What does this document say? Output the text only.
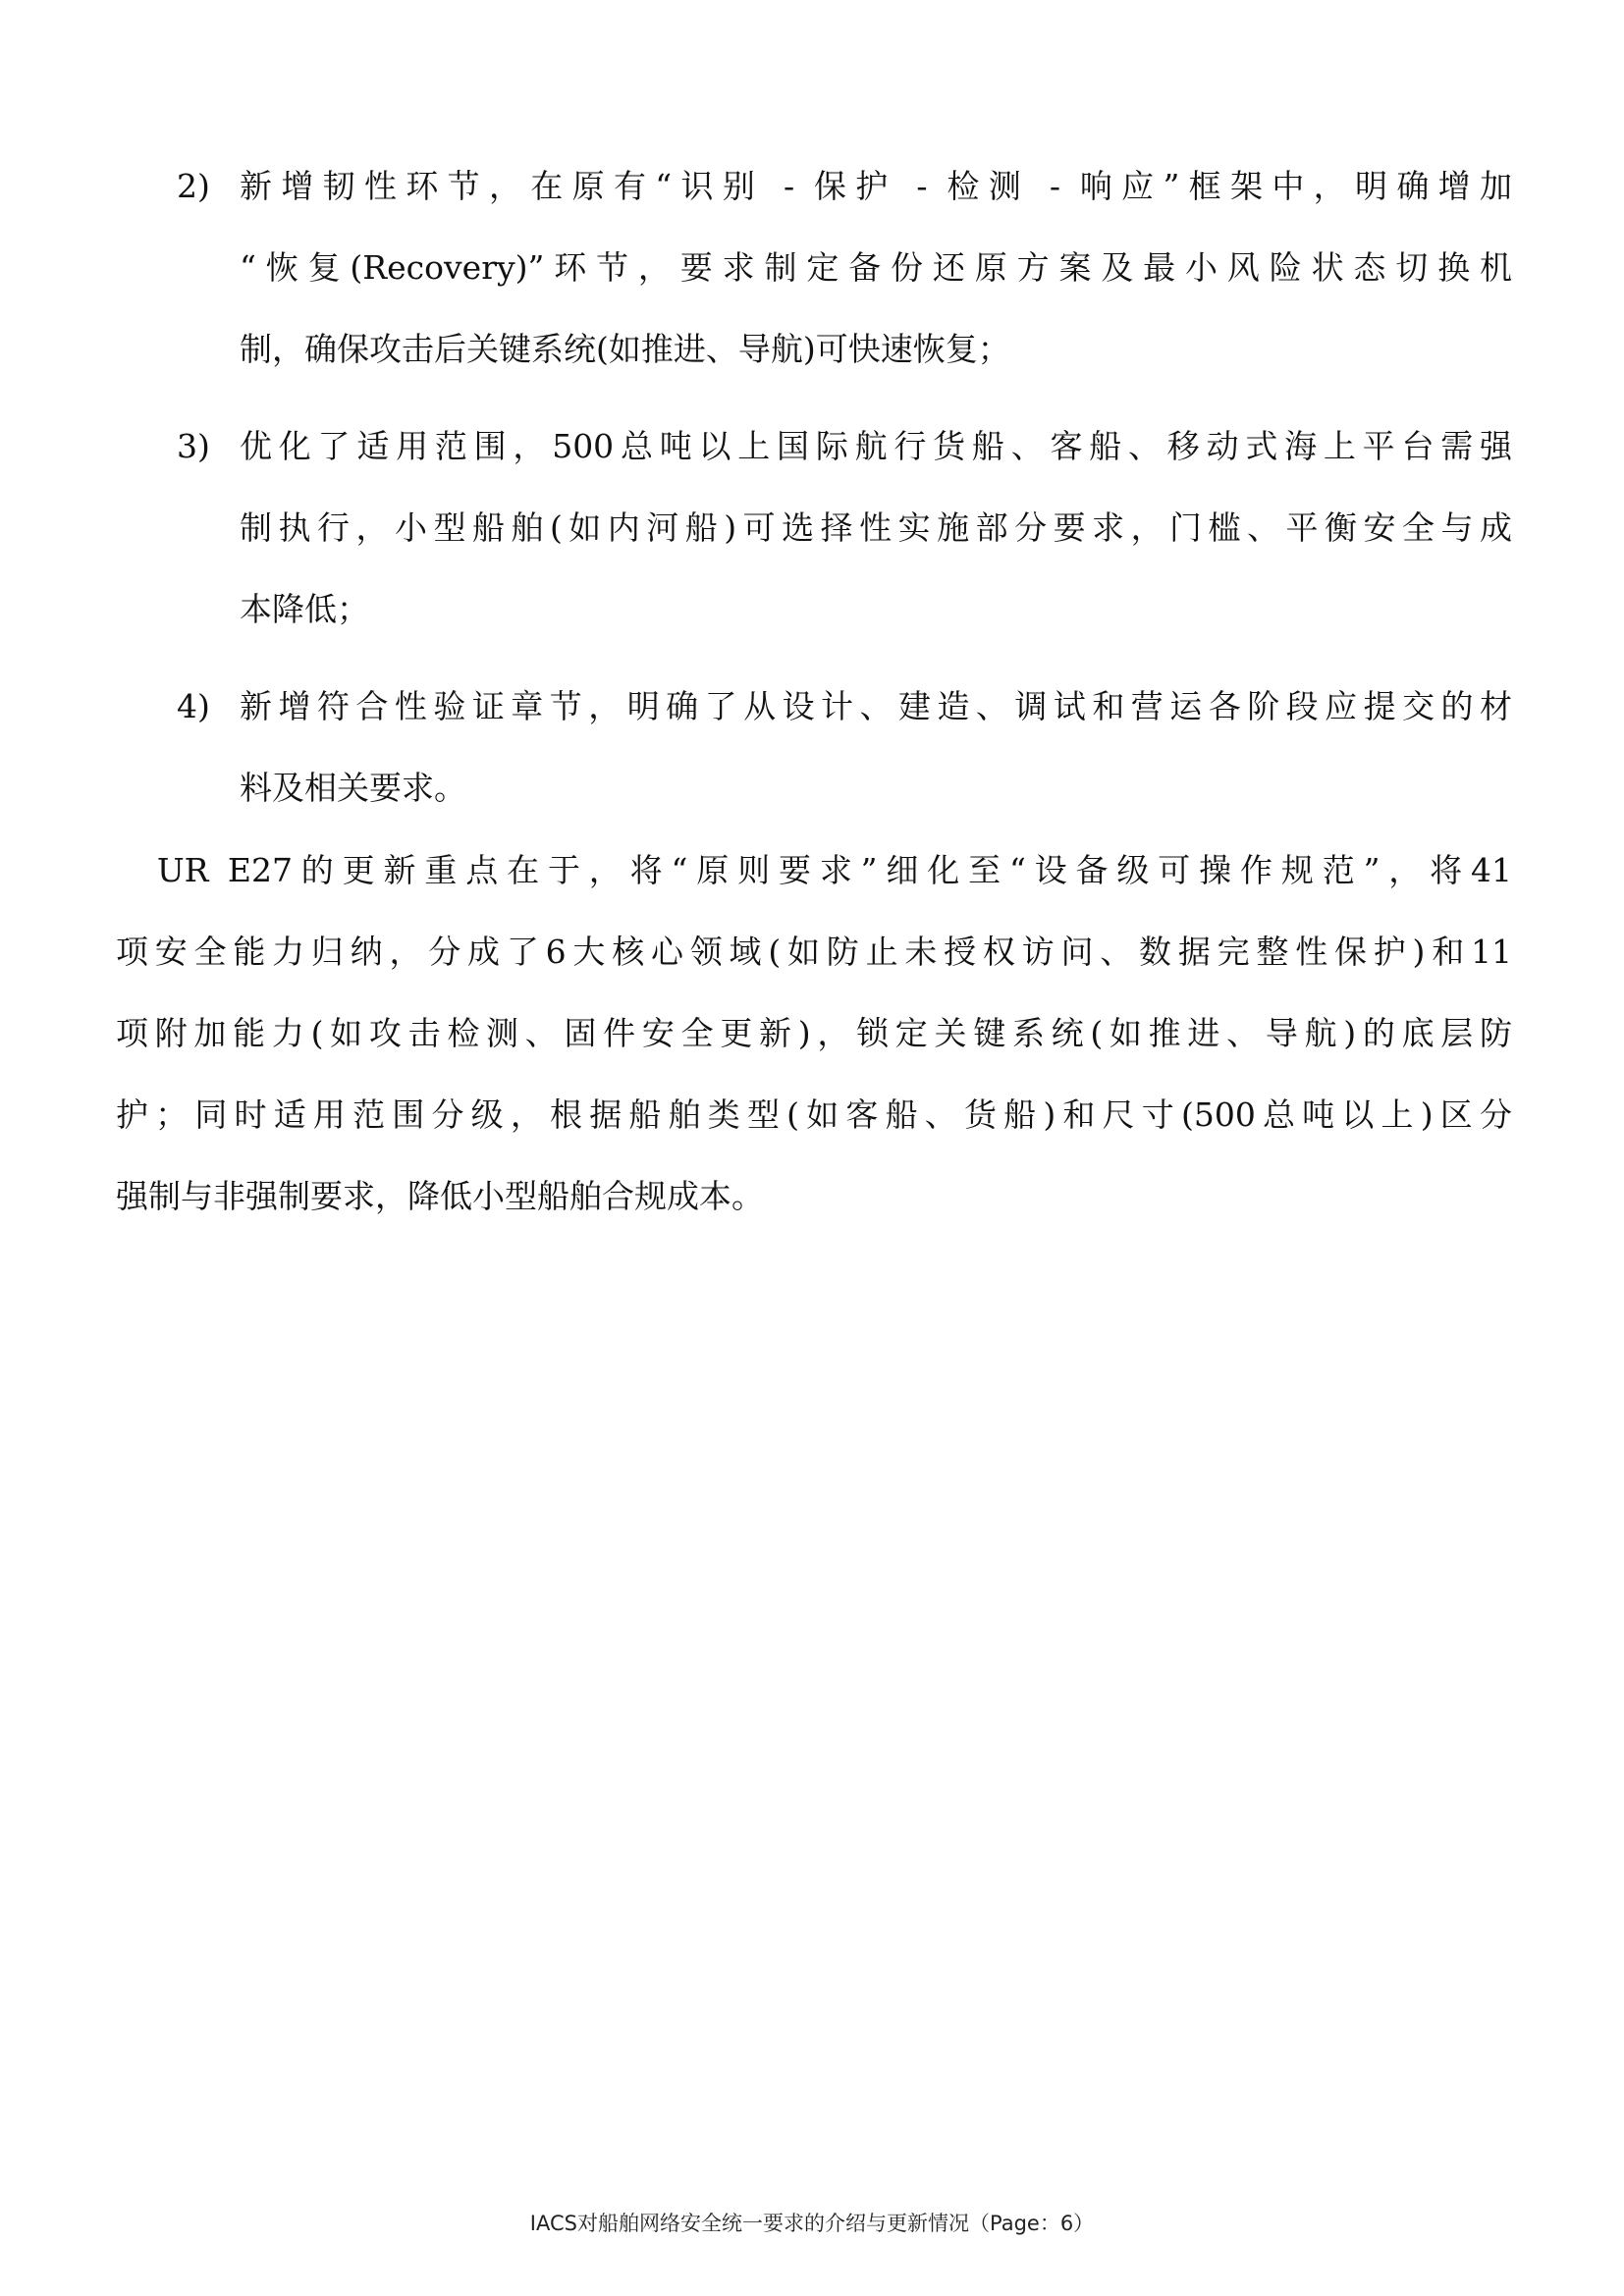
2) 新增韧性环节，在原有“识别 - 保护 - 检测 - 响应”框架中，明确增加
“恢复(Recovery)”环节，要求制定备份还原方案及最小风险状态切换机
制，确保攻击后关键系统(如推进、导航)可快速恢复；
3) 优化了适用范围，500总吨以上国际航行货船、客船、移动式海上平台需强
制执行，小型船舶(如内河船)可选择性实施部分要求，门槛、平衡安全与成
本降低；
4) 新增符合性验证章节，明确了从设计、建造、调试和营运各阶段应提交的材
料及相关要求。
　UR E27的更新重点在于，将“原则要求”细化至“设备级可操作规范”，将41
项安全能力归纳，分成了6大核心领域(如防止未授权访问、数据完整性保护)和11
项附加能力(如攻击检测、固件安全更新)，锁定关键系统(如推进、导航)的底层防
护；同时适用范围分级，根据船舶类型(如客船、货船)和尺寸(500总吨以上)区分
强制与非强制要求，降低小型船舶合规成本。
IACS对船舶网络安全统一要求的介绍与更新情况（Page：6）
